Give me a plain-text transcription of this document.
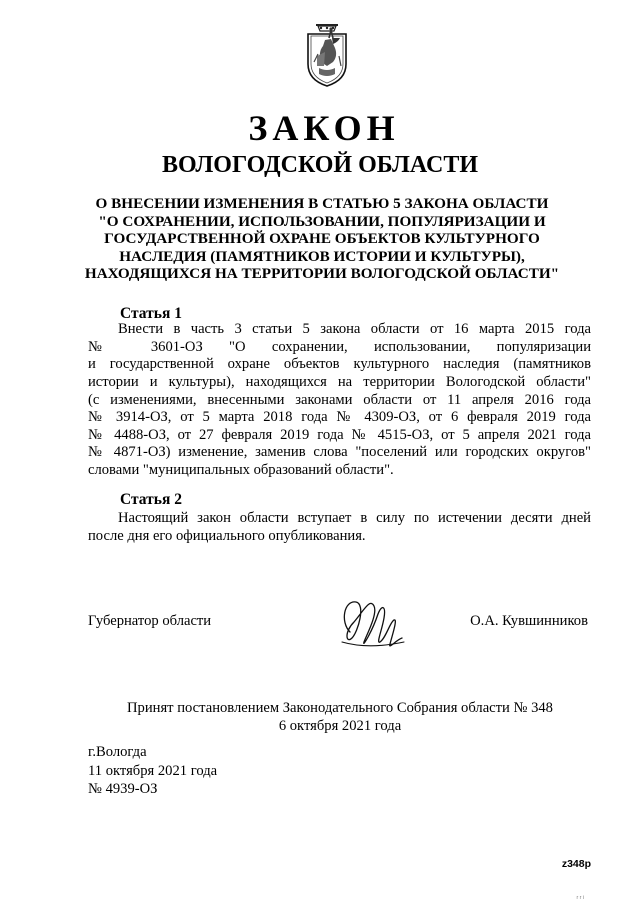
ЗАКОН
ВОЛОГОДСКОЙ ОБЛАСТИ
О ВНЕСЕНИИ ИЗМЕНЕНИЯ В СТАТЬЮ 5 ЗАКОНА ОБЛАСТИ
"О СОХРАНЕНИИ, ИСПОЛЬЗОВАНИИ, ПОПУЛЯРИЗАЦИИ И
ГОСУДАРСТВЕННОЙ ОХРАНЕ ОБЪЕКТОВ КУЛЬТУРНОГО
НАСЛЕДИЯ (ПАМЯТНИКОВ ИСТОРИИ И КУЛЬТУРЫ),
НАХОДЯЩИХСЯ НА ТЕРРИТОРИИ ВОЛОГОДСКОЙ ОБЛАСТИ"
Статья 1
Внести в часть 3 статьи 5 закона области от 16 марта 2015 года
№ 3601-ОЗ "О сохранении, использовании, популяризации
и государственной охране объектов культурного наследия (памятников
истории и культуры), находящихся на территории Вологодской области"
(с изменениями, внесенными законами области от 11 апреля 2016 года
№ 3914-ОЗ, от 5 марта 2018 года № 4309-ОЗ, от 6 февраля 2019 года
№ 4488-ОЗ, от 27 февраля 2019 года № 4515-ОЗ, от 5 апреля 2021 года
№ 4871-ОЗ) изменение, заменив слова "поселений или городских округов"
словами "муниципальных образований области".
Статья 2
Настоящий закон области вступает в силу по истечении десяти дней
после дня его официального опубликования.
Губернатор области	О.А. Кувшинников
Принят постановлением Законодательного Собрания области № 348
6 октября 2021 года
г.Вологда
11 октября 2021 года
№ 4939-ОЗ
z348p
г г і
